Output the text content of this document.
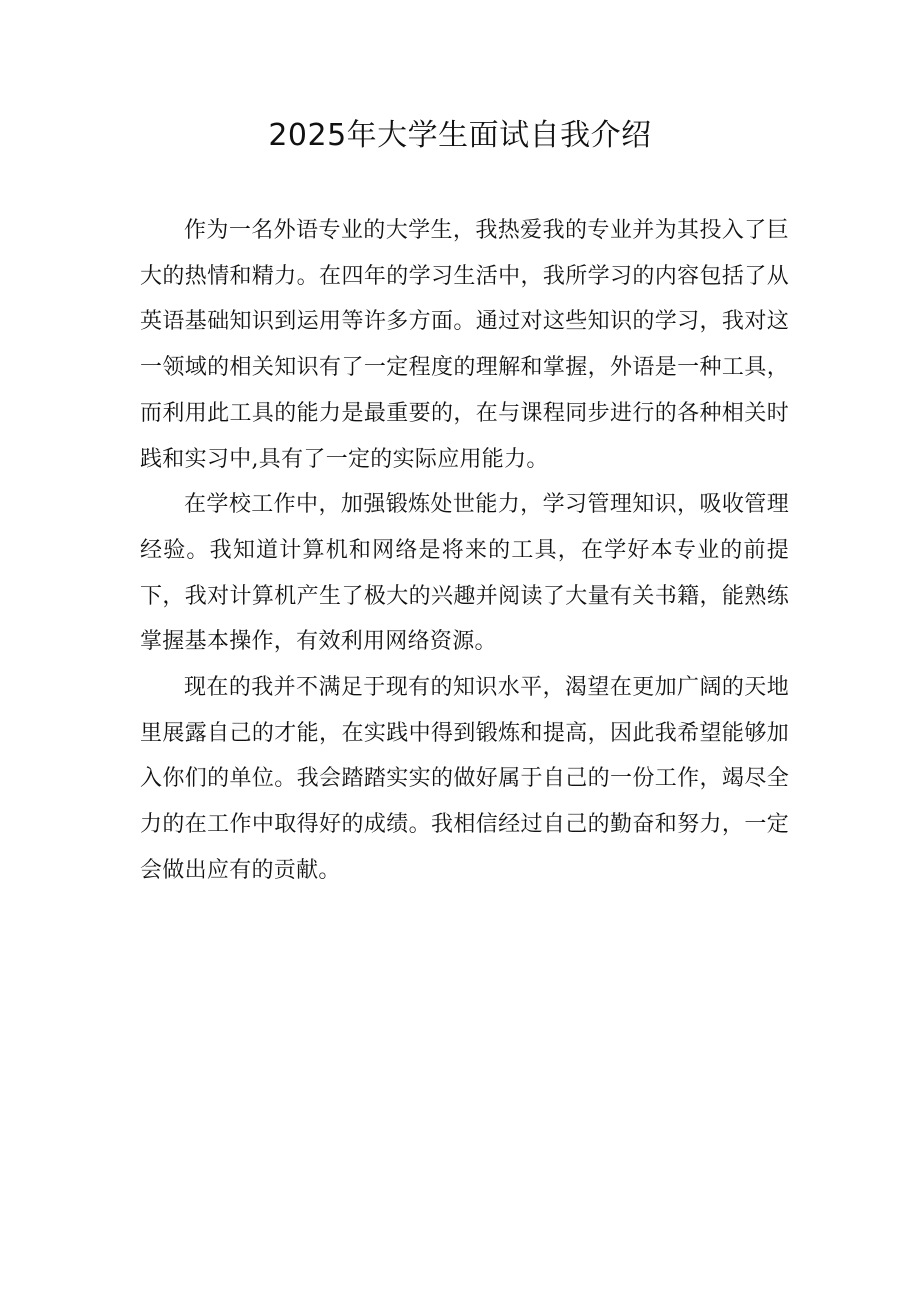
2025年大学生面试自我介绍

作为一名外语专业的大学生，我热爱我的专业并为其投入了巨大的热情和精力。在四年的学习生活中，我所学习的内容包括了从英语基础知识到运用等许多方面。通过对这些知识的学习，我对这一领域的相关知识有了一定程度的理解和掌握，外语是一种工具，而利用此工具的能力是最重要的，在与课程同步进行的各种相关时践和实习中,具有了一定的实际应用能力。

在学校工作中，加强锻炼处世能力，学习管理知识，吸收管理经验。我知道计算机和网络是将来的工具，在学好本专业的前提下，我对计算机产生了极大的兴趣并阅读了大量有关书籍，能熟练掌握基本操作，有效利用网络资源。

现在的我并不满足于现有的知识水平，渴望在更加广阔的天地里展露自己的才能，在实践中得到锻炼和提高，因此我希望能够加入你们的单位。我会踏踏实实的做好属于自己的一份工作，竭尽全力的在工作中取得好的成绩。我相信经过自己的勤奋和努力，一定会做出应有的贡献。
